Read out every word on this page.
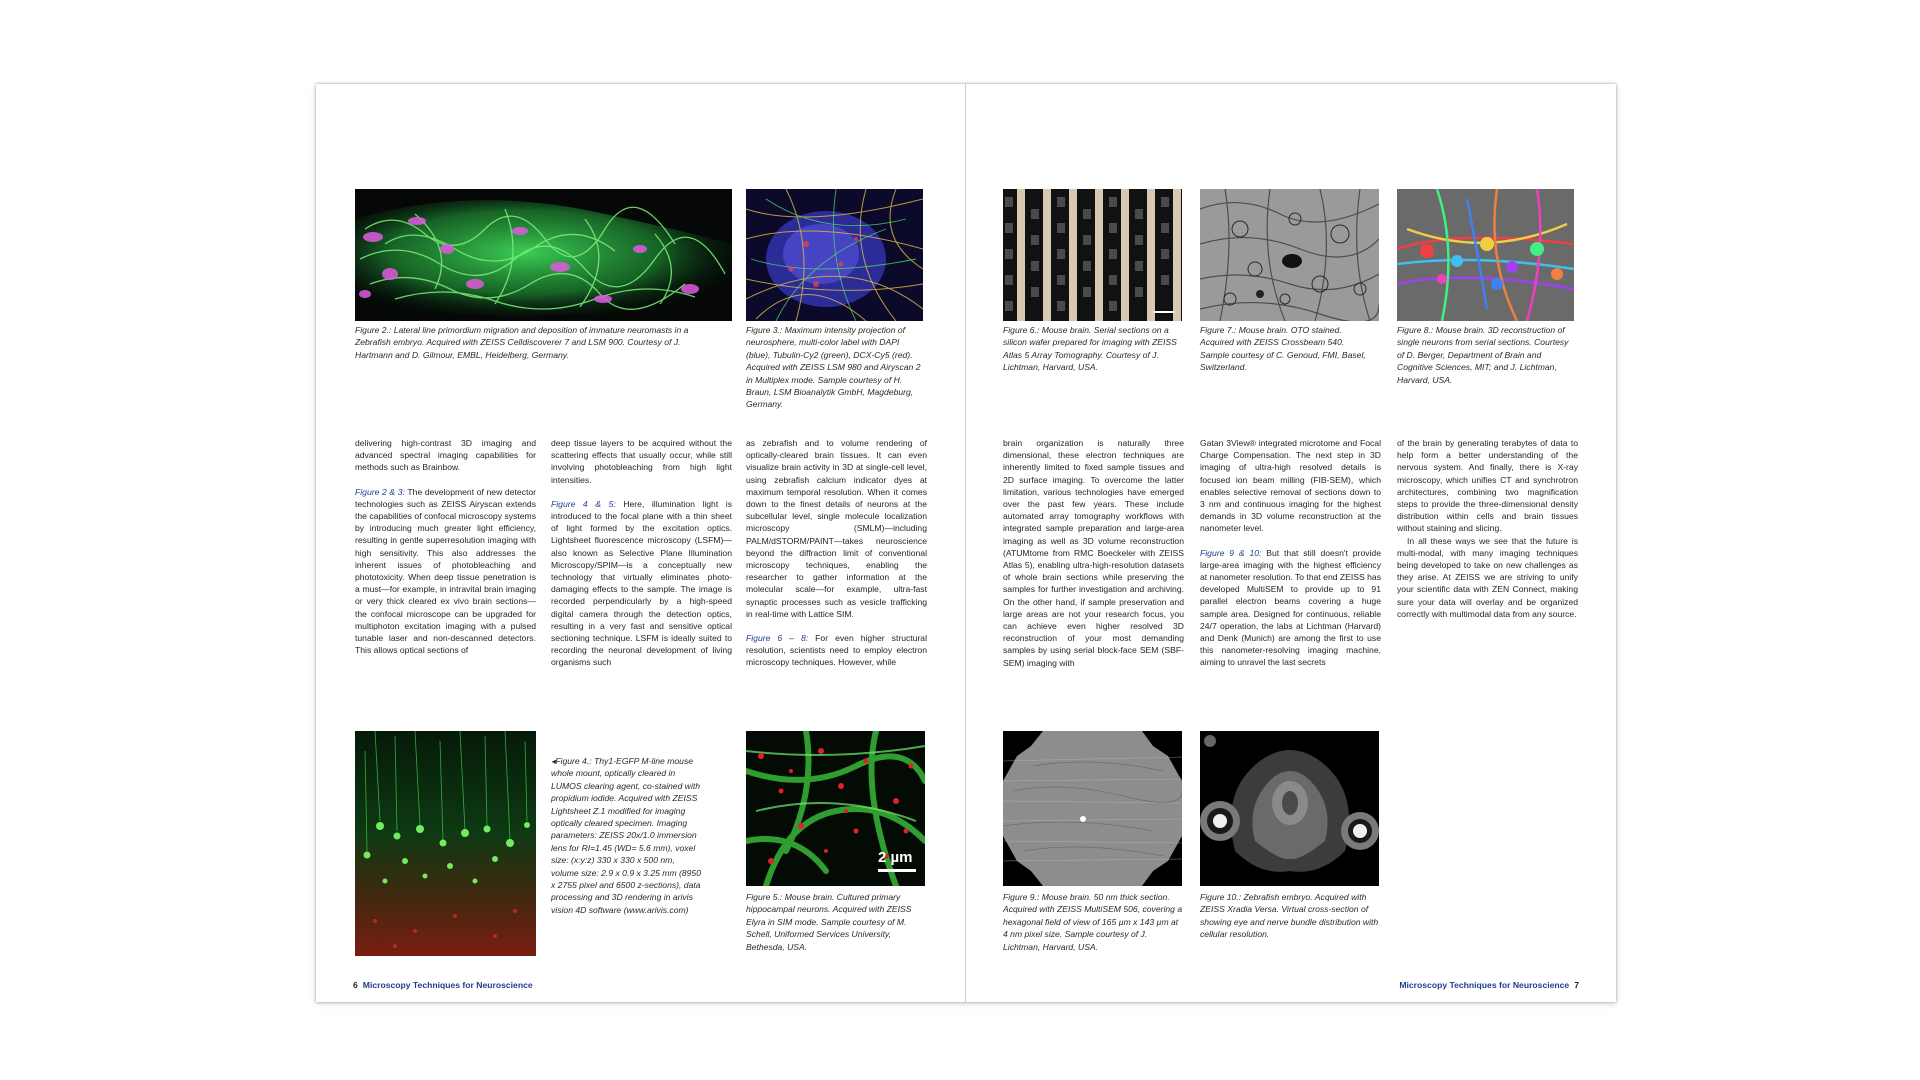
Figure 2.: Lateral line primordium migration and deposition of immature neuromasts in a Zebrafish embryo. Acquired with ZEISS Celldiscoverer 7 and LSM 900. Courtesy of J. Hartmann and D. Gilmour, EMBL, Heidelberg, Germany.
Figure 3.: Maximum intensity projection of neurosphere, multi-color label with DAPI (blue), Tubulin-Cy2 (green), DCX-Cy5 (red). Acquired with ZEISS LSM 980 and Airyscan 2 in Multiplex mode. Sample courtesy of H. Braun, LSM Bioanalytik GmbH, Magdeburg, Germany.

delivering high-contrast 3D imaging and advanced spectral imaging capabilities for methods such as Brainbow.

Figure 2 & 3: The development of new detector technologies such as ZEISS Airyscan extends the capabilities of confocal microscopy systems by introducing much greater light efficiency, resulting in gentle superresolution imaging with high sensitivity. This also addresses the inherent issues of photobleaching and phototoxicity. When deep tissue penetration is a must—for example, in intravital brain imaging or very thick cleared ex vivo brain sections—the confocal microscope can be upgraded for multiphoton excitation imaging with a pulsed tunable laser and non-descanned detectors. This allows optical sections of

deep tissue layers to be acquired without the scattering effects that usually occur, while still involving photobleaching from high light intensities.

Figure 4 & 5: Here, illumination light is introduced to the focal plane with a thin sheet of light formed by the excitation optics. Lightsheet fluorescence microscopy (LSFM)—also known as Selective Plane Illumination Microscopy/SPIM—is a conceptually new technology that virtually eliminates photo-damaging effects to the sample. The image is recorded perpendicularly by a high-speed digital camera through the detection optics, resulting in a very fast and sensitive optical sectioning technique. LSFM is ideally suited to recording the neuronal development of living organisms such

as zebrafish and to volume rendering of optically-cleared brain tissues. It can even visualize brain activity in 3D at single-cell level, using zebrafish calcium indicator dyes at maximum temporal resolution. When it comes down to the finest details of neurons at the subcellular level, single molecule localization microscopy (SMLM)—including PALM/dSTORM/PAINT—takes neuroscience beyond the diffraction limit of conventional microscopy techniques, enabling the researcher to gather information at the molecular scale—for example, ultra-fast synaptic processes such as vesicle trafficking in real-time with Lattice SIM.

Figure 6 – 8: For even higher structural resolution, scientists need to employ electron microscopy techniques. However, while

◂Figure 4.: Thy1-EGFP M-line mouse whole mount, optically cleared in LUMOS clearing agent, co-stained with propidium iodide. Acquired with ZEISS Lightsheet Z.1 modified for imaging optically cleared specimen. Imaging parameters: ZEISS 20x/1.0 immersion lens for RI=1.45 (WD= 5.6 mm), voxel size: (x:y:z) 330 x 330 x 500 nm, volume size: 2.9 x 0.9 x 3.25 mm (8950 x 2755 pixel and 6500 z-sections), data processing and 3D rendering in arivis vision 4D software (www.arivis.com)
2 µm
Figure 5.: Mouse brain. Cultured primary hippocampal neurons. Acquired with ZEISS Elyra in SIM mode. Sample courtesy of M. Schell, Uniformed Services University, Bethesda, USA.
6 Microscopy Techniques for Neuroscience
Figure 6.: Mouse brain. Serial sections on a silicon wafer prepared for imaging with ZEISS Atlas 5 Array Tomography. Courtesy of J. Lichtman, Harvard, USA.
Figure 7.: Mouse brain. OTO stained. Acquired with ZEISS Crossbeam 540. Sample courtesy of C. Genoud, FMI, Basel, Switzerland.
Figure 8.: Mouse brain. 3D reconstruction of single neurons from serial sections. Courtesy of D. Berger, Department of Brain and Cognitive Sciences, MIT; and J. Lichtman, Harvard, USA.

brain organization is naturally three dimensional, these electron techniques are inherently limited to fixed sample tissues and 2D surface imaging. To overcome the latter limitation, various technologies have emerged over the past few years. These include automated array tomography workflows with integrated sample preparation and large-area imaging as well as 3D volume reconstruction (ATUMtome from RMC Boeckeler with ZEISS Atlas 5), enabling ultra-high-resolution datasets of whole brain sections while preserving the samples for further investigation and archiving. On the other hand, if sample preservation and large areas are not your research focus, you can achieve even higher resolved 3D reconstruction of your most demanding samples by using serial block-face SEM (SBF-SEM) imaging with

Gatan 3View® integrated microtome and Focal Charge Compensation. The next step in 3D imaging of ultra-high resolved details is focused ion beam milling (FIB-SEM), which enables selective removal of sections down to 3 nm and continuous imaging for the highest demands in 3D volume reconstruction at the nanometer level.

Figure 9 & 10: But that still doesn't provide large-area imaging with the highest efficiency at nanometer resolution. To that end ZEISS has developed MultiSEM to provide up to 91 parallel electron beams covering a huge sample area. Designed for continuous, reliable 24/7 operation, the labs at Lichtman (Harvard) and Denk (Munich) are among the first to use this nanometer-resolving imaging machine, aiming to unravel the last secrets

of the brain by generating terabytes of data to help form a better understanding of the nervous system. And finally, there is X-ray microscopy, which unifies CT and synchrotron architectures, combining two magnification steps to provide the three-dimensional density distribution within cells and brain tissues without staining and slicing.

In all these ways we see that the future is multi-modal, with many imaging techniques being developed to take on new challenges as they arise. At ZEISS we are striving to unify your scientific data with ZEN Connect, making sure your data will overlay and be organized correctly with multimodal data from any source.

Figure 9.: Mouse brain. 50 nm thick section. Acquired with ZEISS MultiSEM 506, covering a hexagonal field of view of 165 µm x 143 µm at 4 nm pixel size. Sample courtesy of J. Lichtman, Harvard, USA.
Figure 10.: Zebrafish embryo. Acquired with ZEISS Xradia Versa. Virtual cross-section of showing eye and nerve bundle distribution with cellular resolution.
Microscopy Techniques for Neuroscience 7
